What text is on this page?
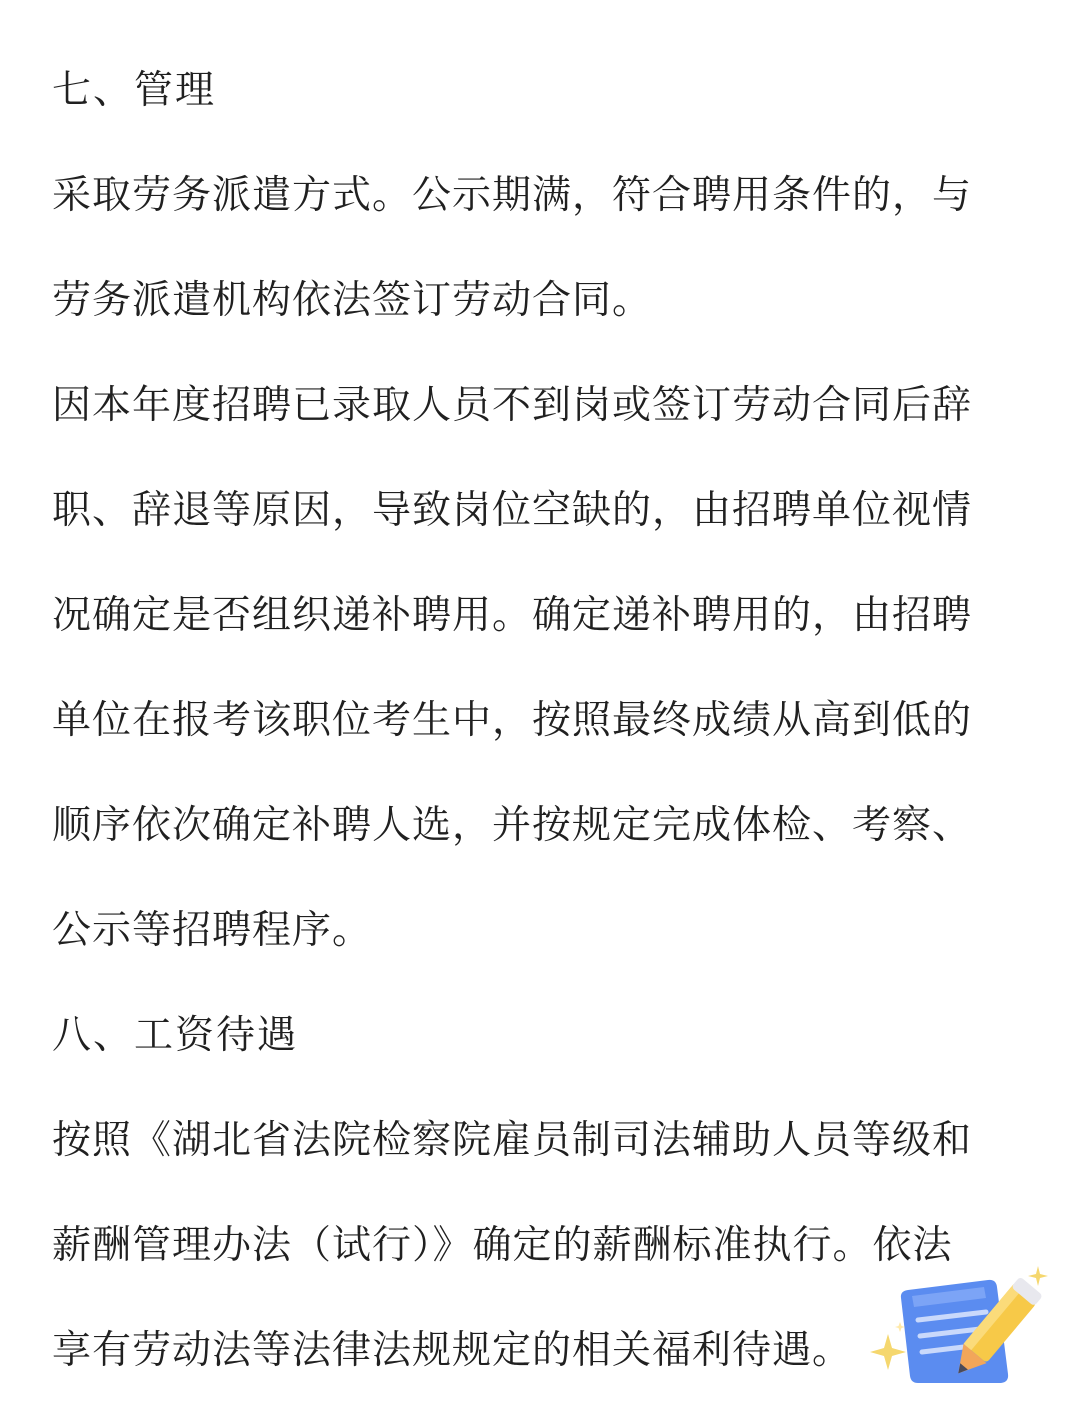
七、管理
采取劳务派遣方式。公示期满，符合聘用条件的，与
劳务派遣机构依法签订劳动合同。
因本年度招聘已录取人员不到岗或签订劳动合同后辞
职、辞退等原因，导致岗位空缺的，由招聘单位视情
况确定是否组织递补聘用。确定递补聘用的，由招聘
单位在报考该职位考生中，按照最终成绩从高到低的
顺序依次确定补聘人选，并按规定完成体检、考察、
公示等招聘程序。
八、工资待遇
按照《湖北省法院检察院雇员制司法辅助人员等级和
薪酬管理办法（试行）》确定的薪酬标准执行。依法
享有劳动法等法律法规规定的相关福利待遇。
